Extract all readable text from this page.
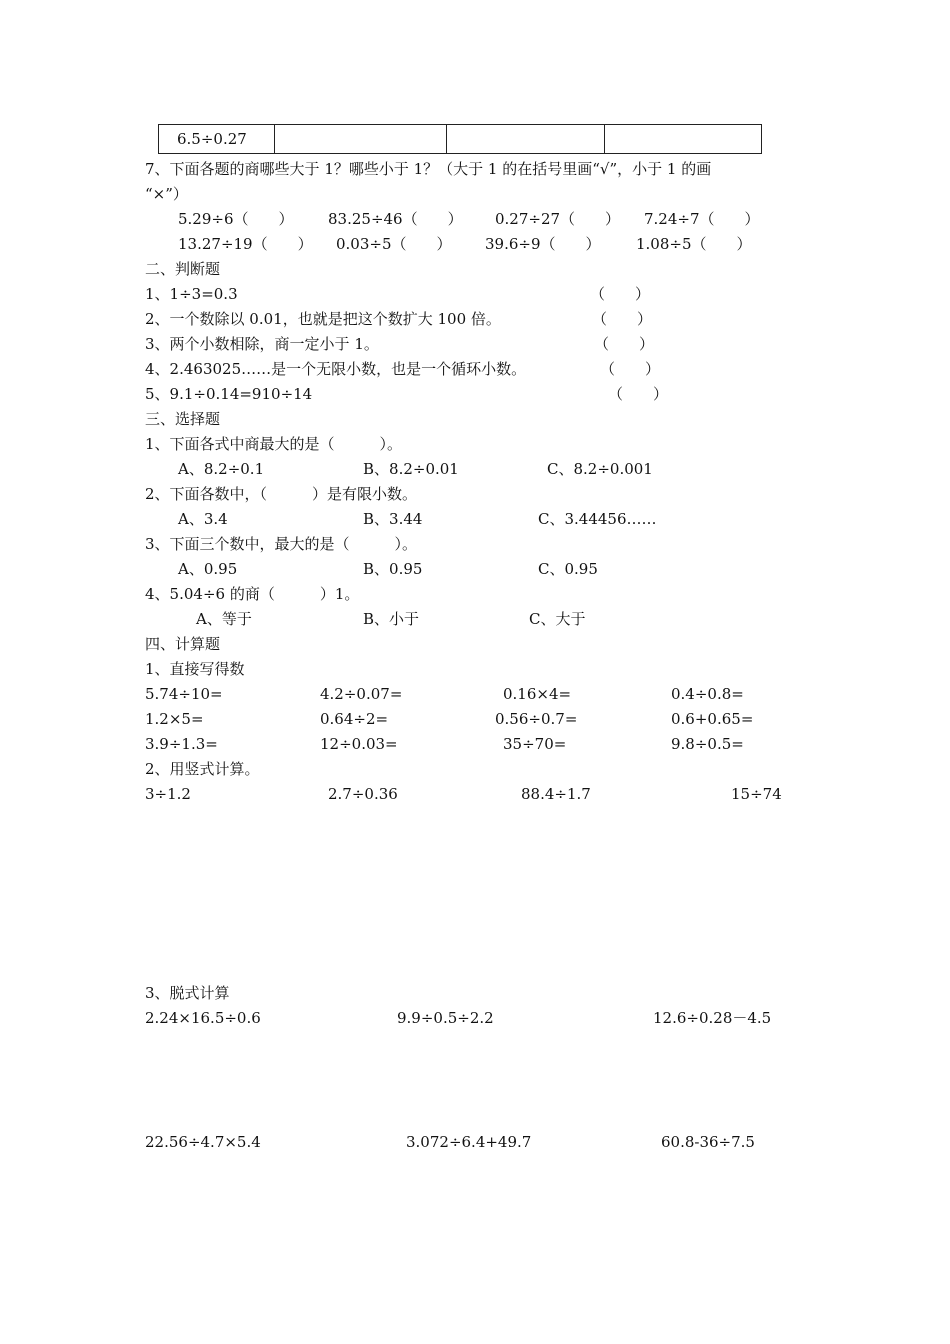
6.5÷0.27			
7、下面各题的商哪些大于 1？哪些小于 1？（大于 1 的在括号里画“√”，小于 1 的画
“×”）
5.29÷6（　　） 83.25÷46（　　） 0.27÷27（　　） 7.24÷7（　　）
13.27÷19（　　） 0.03÷5（　　） 39.6÷9（　　） 1.08÷5（　　）
二、判断题
1、1÷3=0.3	（　　）
2、一个数除以 0.01，也就是把这个数扩大 100 倍。	（　　）
3、两个小数相除，商一定小于 1。	（　　）
4、2.463025……是一个无限小数，也是一个循环小数。	（　　）
5、9.1÷0.14=910÷14	（　　）
三、选择题
1、下面各式中商最大的是（　　　）。
A、8.2÷0.1	B、8.2÷0.01	C、8.2÷0.001
2、下面各数中，（　　　）是有限小数。
A、3.4	B、3.44	C、3.44456……
3、下面三个数中，最大的是（　　　）。
A、0.95	B、0.95	C、0.95
4、5.04÷6 的商（　　　）1。
A、等于	B、小于	C、大于
四、计算题
1、直接写得数
5.74÷10=	4.2÷0.07=	0.16×4=	0.4÷0.8=
1.2×5=	0.64÷2=	0.56÷0.7=	0.6+0.65=
3.9÷1.3=	12÷0.03=	35÷70=	9.8÷0.5=
2、用竖式计算。
3÷1.2	2.7÷0.36	88.4÷1.7	15÷74
3、脱式计算
2.24×16.5÷0.6	9.9÷0.5÷2.2	12.6÷0.28－4.5
22.56÷4.7×5.4	3.072÷6.4+49.7	60.8-36÷7.5
